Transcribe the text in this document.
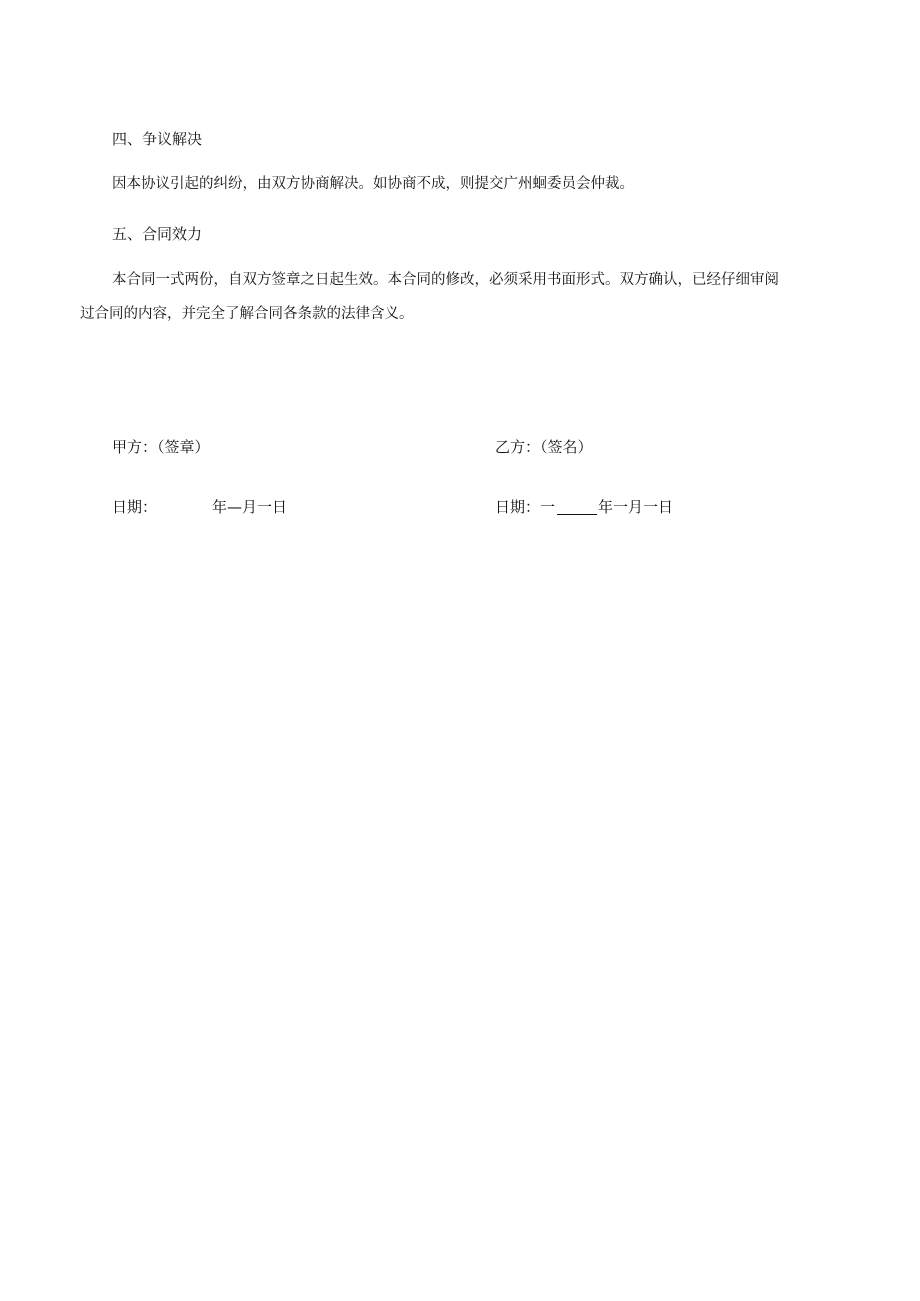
四、争议解决
因本协议引起的纠纷，由双方协商解决。如协商不成，则提交广州蛔委员会仲裁。
五、合同效力
本合同一式两份，自双方签章之日起生效。本合同的修改，必须采用书面形式。双方确认，已经仔细审阅
过合同的内容，并完全了解合同各条款的法律含义。
甲方：（签章）	乙方：（签名）
日期：	年—月一日	日期：一	年一月一日
